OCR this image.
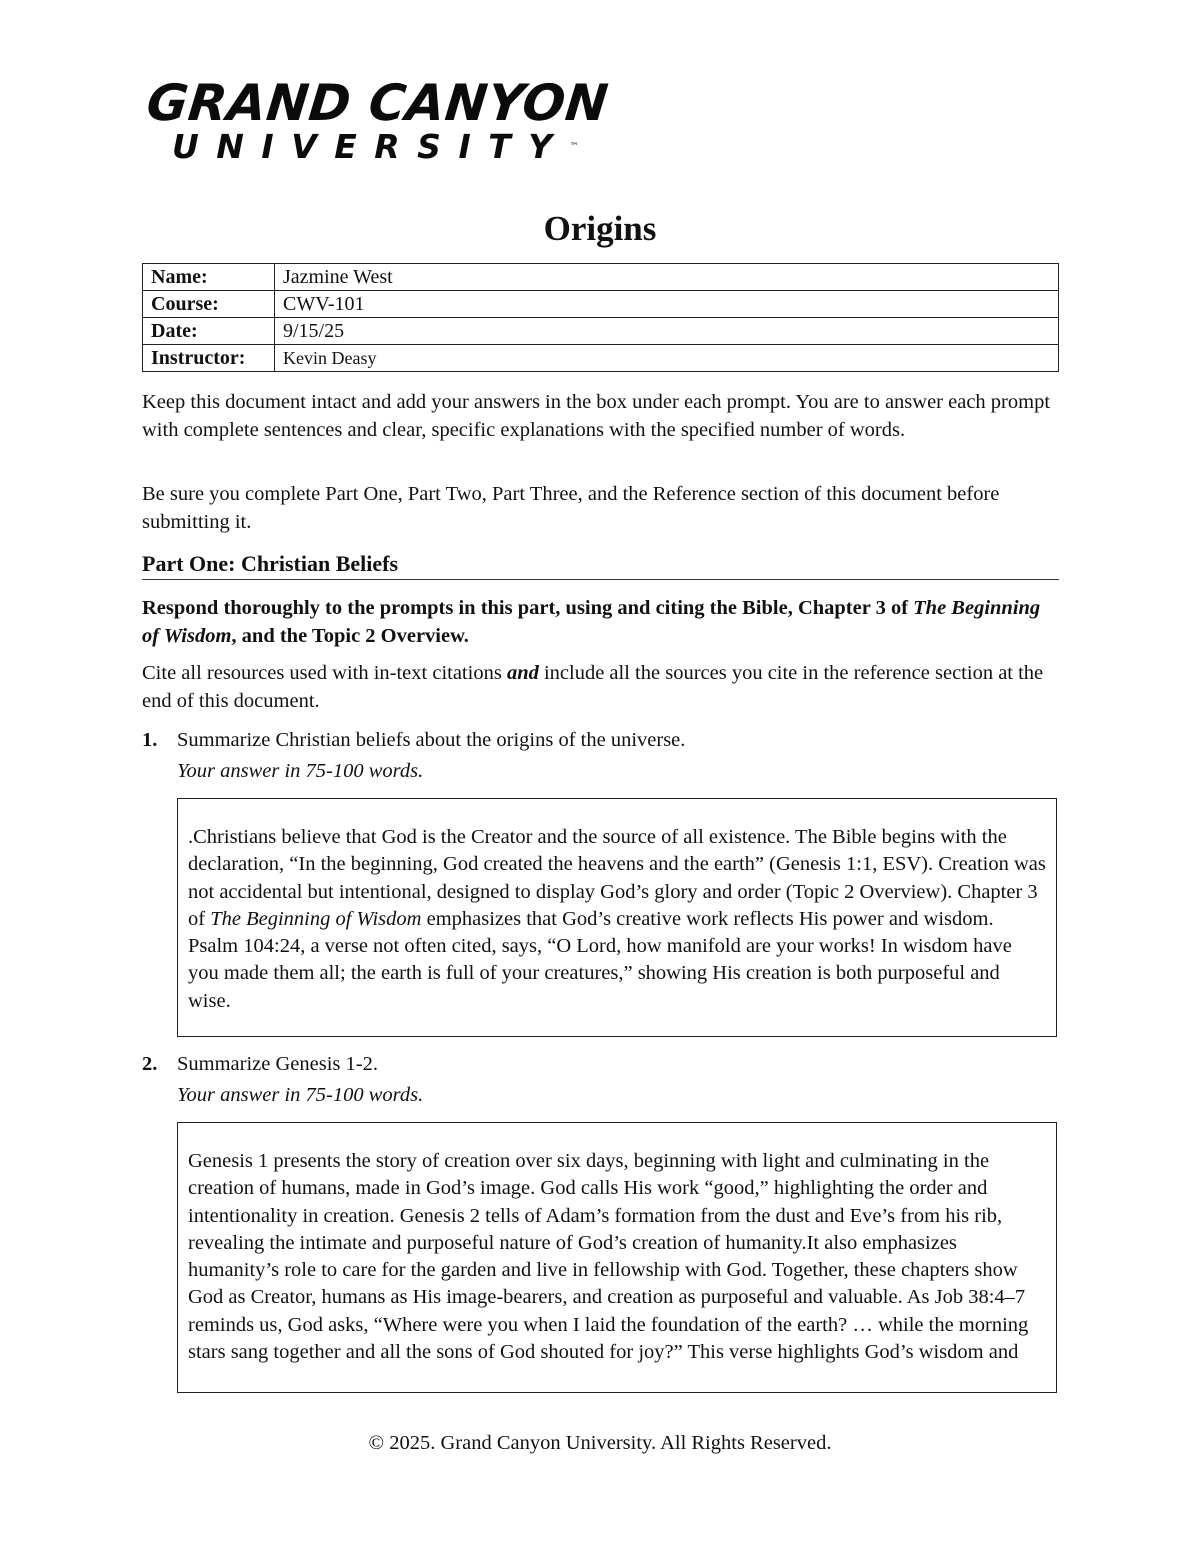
GRAND CANYON
UNIVERSITY™
Origins
Name:	Jazmine West
Course:	CWV-101
Date:	9/15/25
Instructor:	Kevin Deasy
Keep this document intact and add your answers in the box under each prompt. You are to answer each prompt with complete sentences and clear, specific explanations with the specified number of words.
Be sure you complete Part One, Part Two, Part Three, and the Reference section of this document before submitting it.
Part One: Christian Beliefs
Respond thoroughly to the prompts in this part, using and citing the Bible, Chapter 3 of The Beginning of Wisdom, and the Topic 2 Overview.
Cite all resources used with in-text citations and include all the sources you cite in the reference section at the end of this document.
1. Summarize Christian beliefs about the origins of the universe.
Your answer in 75-100 words.
.Christians believe that God is the Creator and the source of all existence. The Bible begins with the declaration, “In the beginning, God created the heavens and the earth” (Genesis 1:1, ESV). Creation was not accidental but intentional, designed to display God’s glory and order (Topic 2 Overview). Chapter 3 of The Beginning of Wisdom emphasizes that God’s creative work reflects His power and wisdom. Psalm 104:24, a verse not often cited, says, “O Lord, how manifold are your works! In wisdom have you made them all; the earth is full of your creatures,” showing His creation is both purposeful and wise.
2. Summarize Genesis 1-2.
Your answer in 75-100 words.
Genesis 1 presents the story of creation over six days, beginning with light and culminating in the creation of humans, made in God’s image. God calls His work “good,” highlighting the order and intentionality in creation. Genesis 2 tells of Adam’s formation from the dust and Eve’s from his rib, revealing the intimate and purposeful nature of God’s creation of humanity.It also emphasizes humanity’s role to care for the garden and live in fellowship with God. Together, these chapters show God as Creator, humans as His image-bearers, and creation as purposeful and valuable. As Job 38:4–7 reminds us, God asks, “Where were you when I laid the foundation of the earth? … while the morning stars sang together and all the sons of God shouted for joy?” This verse highlights God’s wisdom and
© 2025. Grand Canyon University. All Rights Reserved.
